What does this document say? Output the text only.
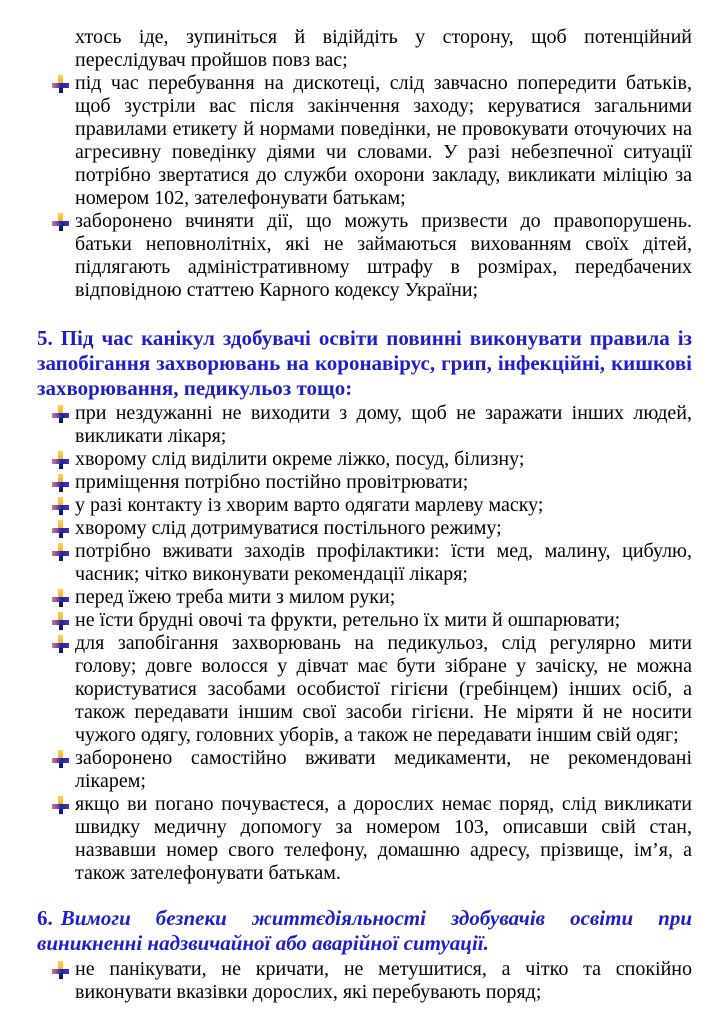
хтось іде, зупиніться й відійдіть у сторону, щоб потенційний переслідувач пройшов повз вас;

під час перебування на дискотеці, слід завчасно попередити батьків, щоб зустріли вас після закінчення заходу; керуватися загальними правилами етикету й нормами поведінки, не провокувати оточуючих на агресивну поведінку діями чи словами. У разі небезпечної ситуації потрібно звертатися до служби охорони закладу, викликати міліцію за номером 102, зателефонувати батькам;
заборонено вчиняти дії, що можуть призвести до правопорушень. батьки неповнолітніх, які не займаються вихованням своїх дітей, підлягають адміністративному штрафу в розмірах, передбачених відповідною статтею Карного кодексу України;
5. Під час канікул здобувачі освіти повинні виконувати правила із запобігання захворювань на коронавірус, грип, інфекційні, кишкові захворювання, педикульоз тощо:
при нездужанні не виходити з дому, щоб не заражати інших людей, викликати лікаря;
хворому слід виділити окреме ліжко, посуд, білизну;
приміщення потрібно постійно провітрювати;
у разі контакту із хворим варто одягати марлеву маску;
хворому слід дотримуватися постільного режиму;
потрібно вживати заходів профілактики: їсти мед, малину, цибулю, часник; чітко виконувати рекомендації лікаря;
перед їжею треба мити з милом руки;
не їсти брудні овочі та фрукти, ретельно їх мити й ошпарювати;
для запобігання захворювань на педикульоз, слід регулярно мити голову; довге волосся у дівчат має бути зібране у зачіску, не можна користуватися засобами особистої гігієни (гребінцем) інших осіб, а також передавати іншим свої засоби гігієни. Не міряти й не носити чужого одягу, головних уборів, а також не передавати іншим свій одяг;
заборонено самостійно вживати медикаменти, не рекомендовані лікарем;
якщо ви погано почуваєтеся, а дорослих немає поряд, слід викликати швидку медичну допомогу за номером 103, описавши свій стан, назвавши номер свого телефону, домашню адресу, прізвище, ім’я, а також зателефонувати батькам.
6. Вимоги безпеки життєдіяльності здобувачів освіти при виникненні надзвичайної або аварійної ситуації.
не панікувати, не кричати, не метушитися, а чітко та спокійно виконувати вказівки дорослих, які перебувають поряд;
